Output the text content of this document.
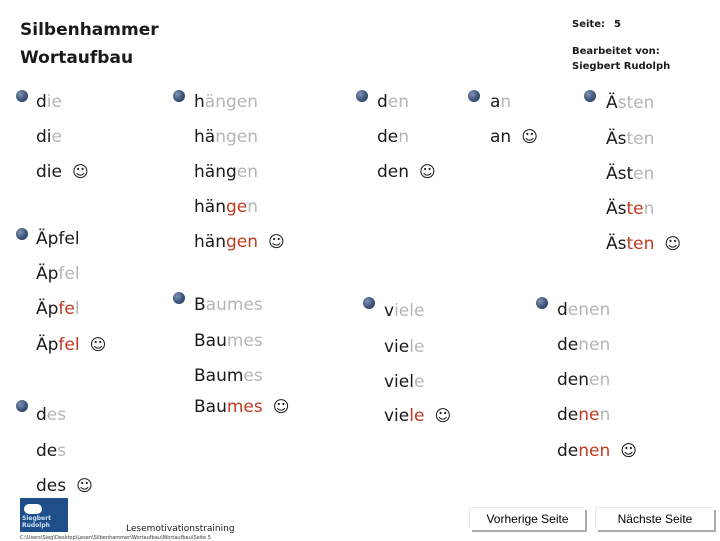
Silbenhammer
Wortaufbau
Seite: 5
Bearbeitet von:
Siegbert Rudolph
die
die
die ☺
Äpfel
Äpfel
Äpfel
Äpfel ☺
des
des
des ☺
hängen
hängen
hängen
hängen
hängen ☺
Baumes
Baumes
Baumes
Baumes ☺
den
den
den ☺
viele
viele
viele
viele ☺
an
an ☺
Ästen
Ästen
Ästen
Ästen
Ästen ☺
denen
denen
denen
denen
denen ☺
Siegbert Rudolph	Lesemotivationstraining
C:\Users\Sieg\Desktop\Lesen\Silbenhammer\Wortaufbau\Wortaufbau\Seite 5
Vorherige Seite	Nächste Seite
